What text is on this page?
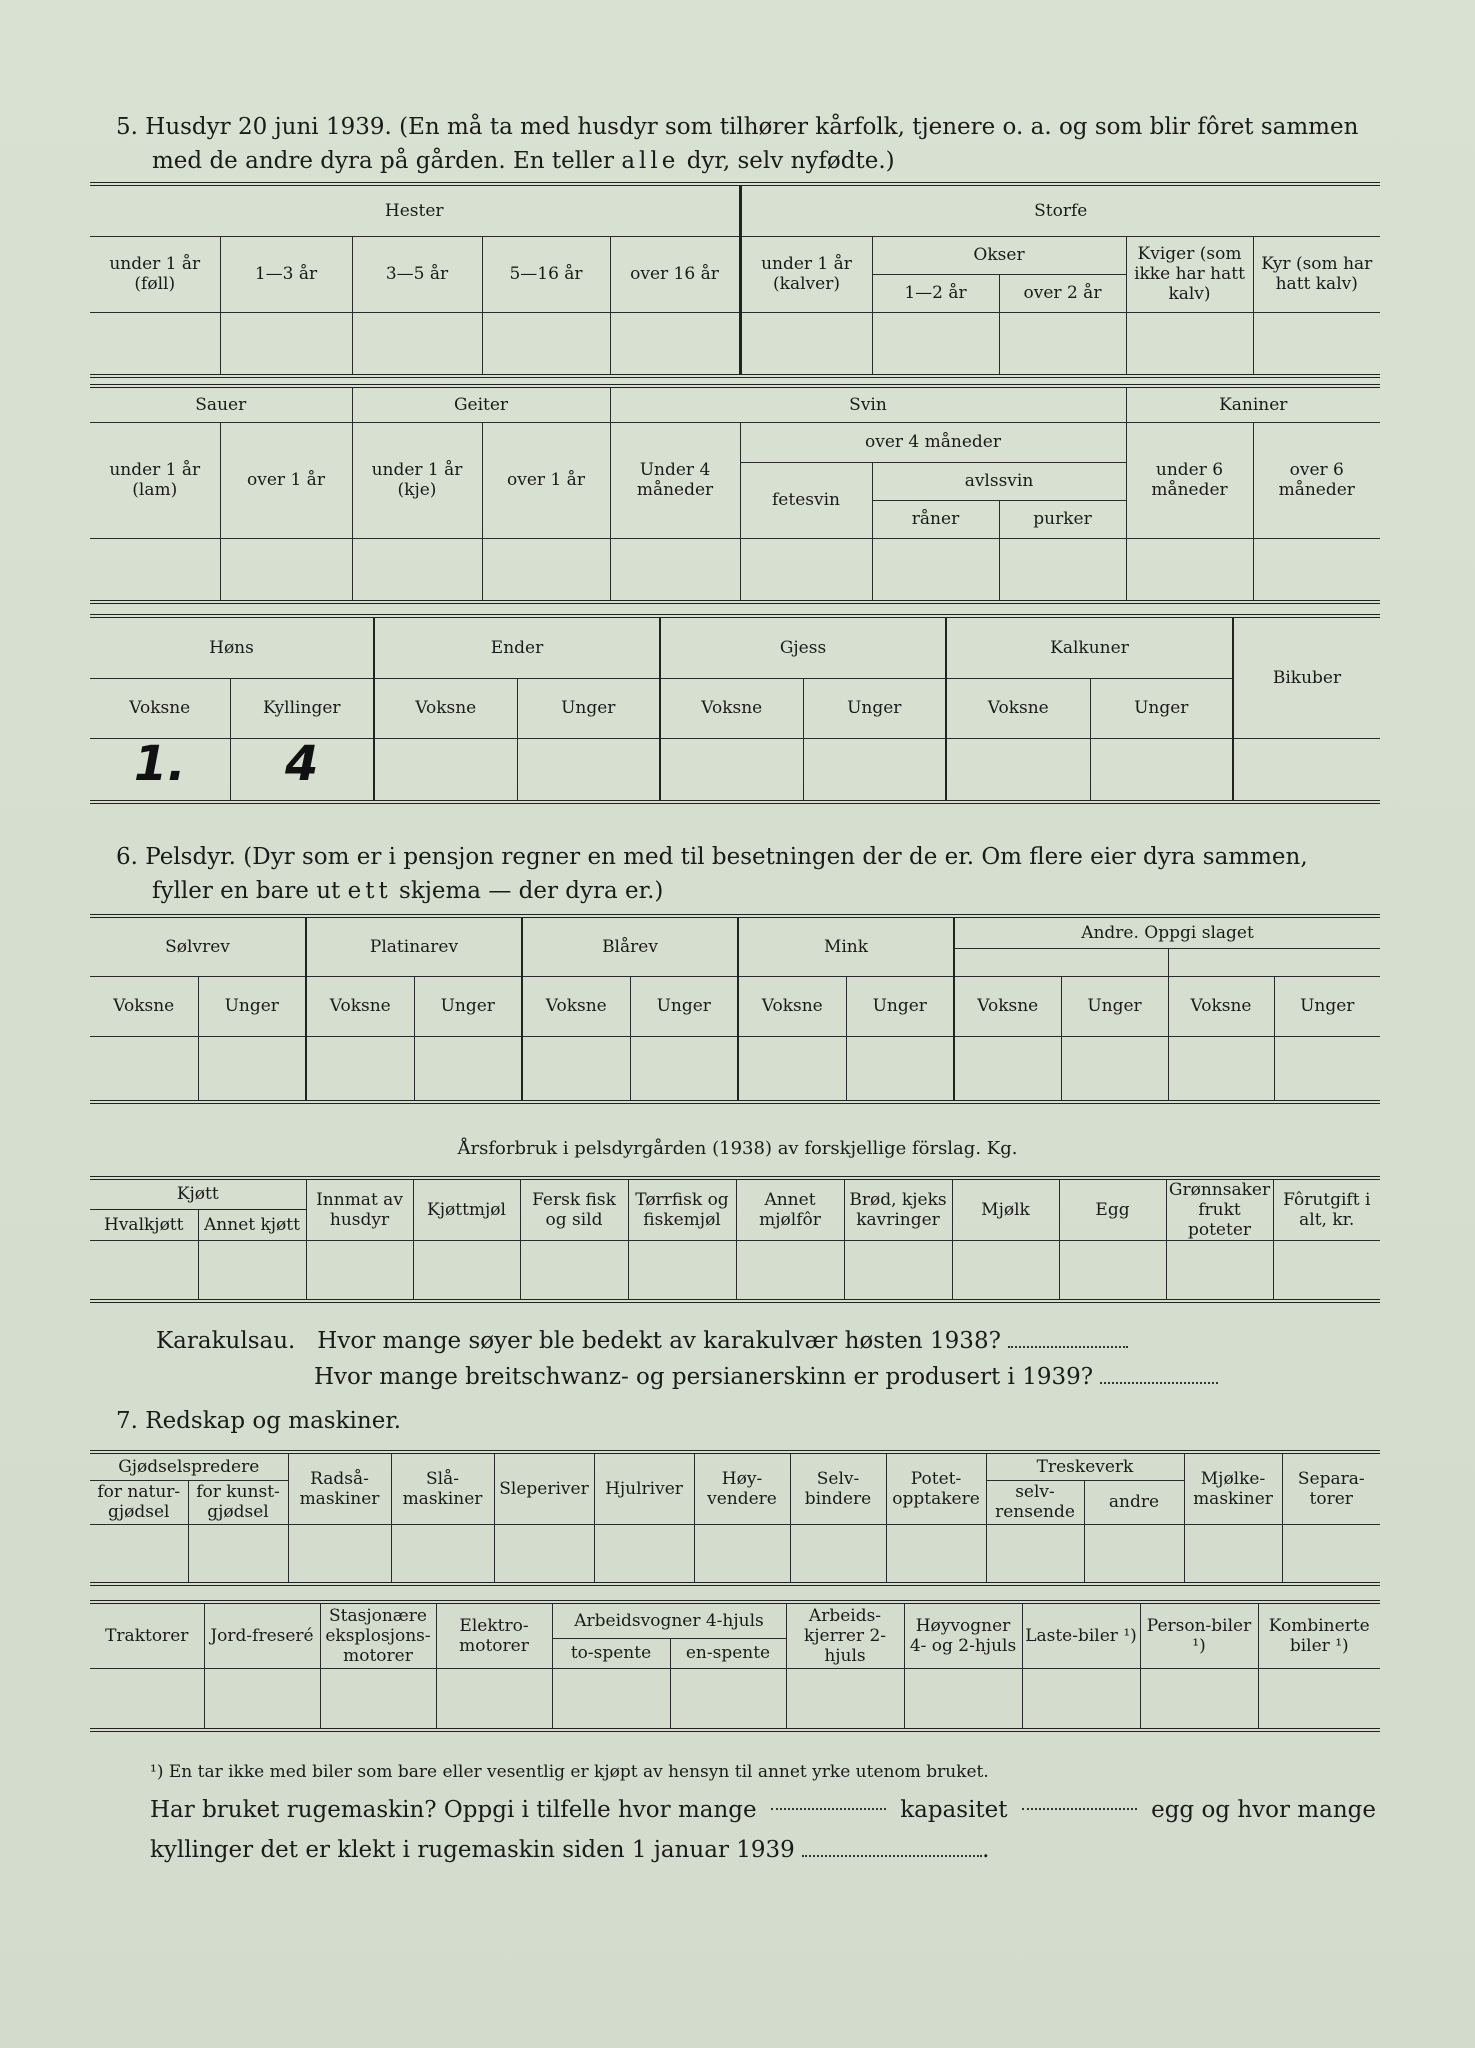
5. Husdyr 20 juni 1939. (En må ta med husdyr som tilhører kårfolk, tjenere o. a. og som blir fôret sammen
med de andre dyra på gården. En teller alle dyr, selv nyfødte.)
Hester					Storfe				
under 1 år (føll)	1—3 år	3—5 år	5—16 år	over 16 år	under 1 år (kalver)	Okser		Kviger (som ikke har hatt kalv)	Kyr (som har hatt kalv)
						1—2 år	over 2 år		

Sauer		Geiter		Svin				Kaniner	
under 1 år (lam)	over 1 år	under 1 år (kje)	over 1 år	Under 4 måneder	over 4 måneder			under 6 måneder	over 6 måneder
					fetesvin	avlssvin			
						råner	purker		

Høns		Ender		Gjess		Kalkuner		Bikuber
Voksne	Kyllinger	Voksne	Unger	Voksne	Unger	Voksne	Unger	
1.	4							
6. Pelsdyr. (Dyr som er i pensjon regner en med til besetningen der de er. Om flere eier dyra sammen,
fyller en bare ut ett skjema — der dyra er.)
Sølvrev		Platinarev		Blårev		Mink		Andre. Oppgi slaget			

Voksne	Unger	Voksne	Unger	Voksne	Unger	Voksne	Unger	Voksne	Unger	Voksne	Unger

Årsforbruk i pelsdyrgården (1938) av forskjellige förslag. Kg.
Kjøtt		Innmat av husdyr	Kjøttmjøl	Fersk fisk og sild	Tørrfisk og fiskemjøl	Annet mjølfôr	Brød, kjeks kavringer	Mjølk	Egg	Grønnsaker frukt poteter	Fôrutgift i alt, kr.
Hvalkjøtt	Annet kjøtt										

Karakulsau. Hvor mange søyer ble bedekt av karakulvær høsten 1938?
Hvor mange breitschwanz- og persianerskinn er produsert i 1939?
7. Redskap og maskiner.
Gjødselspredere		Radså-maskiner	Slå-maskiner	Sleperiver	Hjulriver	Høy-vendere	Selv-bindere	Potet-opptakere	Treskeverk		Mjølke-maskiner	Separa-torer
for natur-gjødsel	for kunst-gjødsel								selv-rensende	andre		

Traktorer	Jord-freseré	Stasjonære eksplosjons-motorer	Elektro-motorer	Arbeidsvogner 4-hjuls		Arbeids-kjerrer 2-hjuls	Høyvogner 4- og 2-hjuls	Laste-biler ¹)	Person-biler ¹)	Kombinerte biler ¹)
				to-spente	en-spente					

¹) En tar ikke med biler som bare eller vesentlig er kjøpt av hensyn til annet yrke utenom bruket.
Har bruket rugemaskin? Oppgi i tilfelle hvor mange	kapasitet	egg og hvor mange
kyllinger det er klekt i rugemaskin siden 1 januar 1939	.
